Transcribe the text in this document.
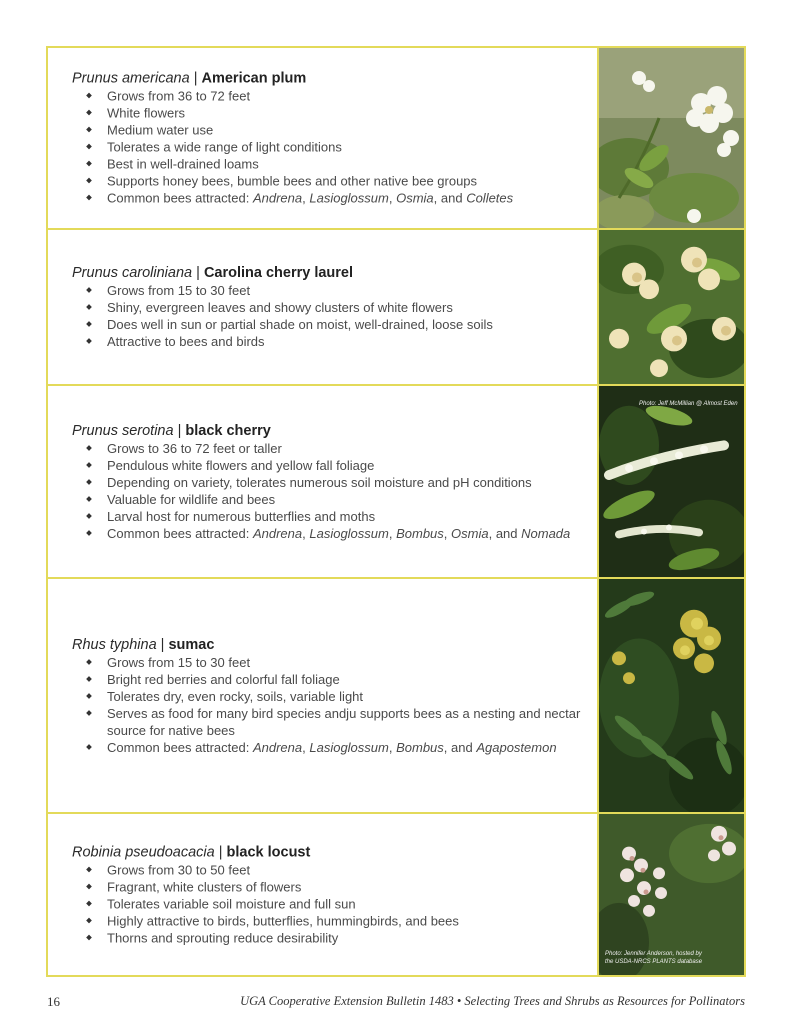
Prunus americana | American plum
Grows from 36 to 72 feet
White flowers
Medium water use
Tolerates a wide range of light conditions
Best in well-drained loams
Supports honey bees, bumble bees and other native bee groups
Common bees attracted: Andrena, Lasioglossum, Osmia, and Colletes
Prunus caroliniana | Carolina cherry laurel
Grows from 15 to 30 feet
Shiny, evergreen leaves and showy clusters of white flowers
Does well in sun or partial shade on moist, well-drained, loose soils
Attractive to bees and birds
Prunus serotina | black cherry
Grows to 36 to 72 feet or taller
Pendulous white flowers and yellow fall foliage
Depending on variety, tolerates numerous soil moisture and pH conditions
Valuable for wildlife and bees
Larval host for numerous butterflies and moths
Common bees attracted: Andrena, Lasioglossum, Bombus, Osmia, and Nomada
Photo: Jeff McMillian @ Almost Eden
Rhus typhina | sumac
Grows from 15 to 30 feet
Bright red berries and colorful fall foliage
Tolerates dry, even rocky, soils, variable light
Serves as food for many bird species andju supports bees as a nesting and nectar source for native bees
Common bees attracted: Andrena, Lasioglossum, Bombus, and Agapostemon
Robinia pseudoacacia | black locust
Grows from 30 to 50 feet
Fragrant, white clusters of flowers
Tolerates variable soil moisture and full sun
Highly attractive to birds, butterflies, hummingbirds, and bees
Thorns and sprouting reduce desirability
Photo: Jennifer Anderson, hosted by the USDA-NRCS PLANTS database
16	UGA Cooperative Extension Bulletin 1483 • Selecting Trees and Shrubs as Resources for Pollinators
